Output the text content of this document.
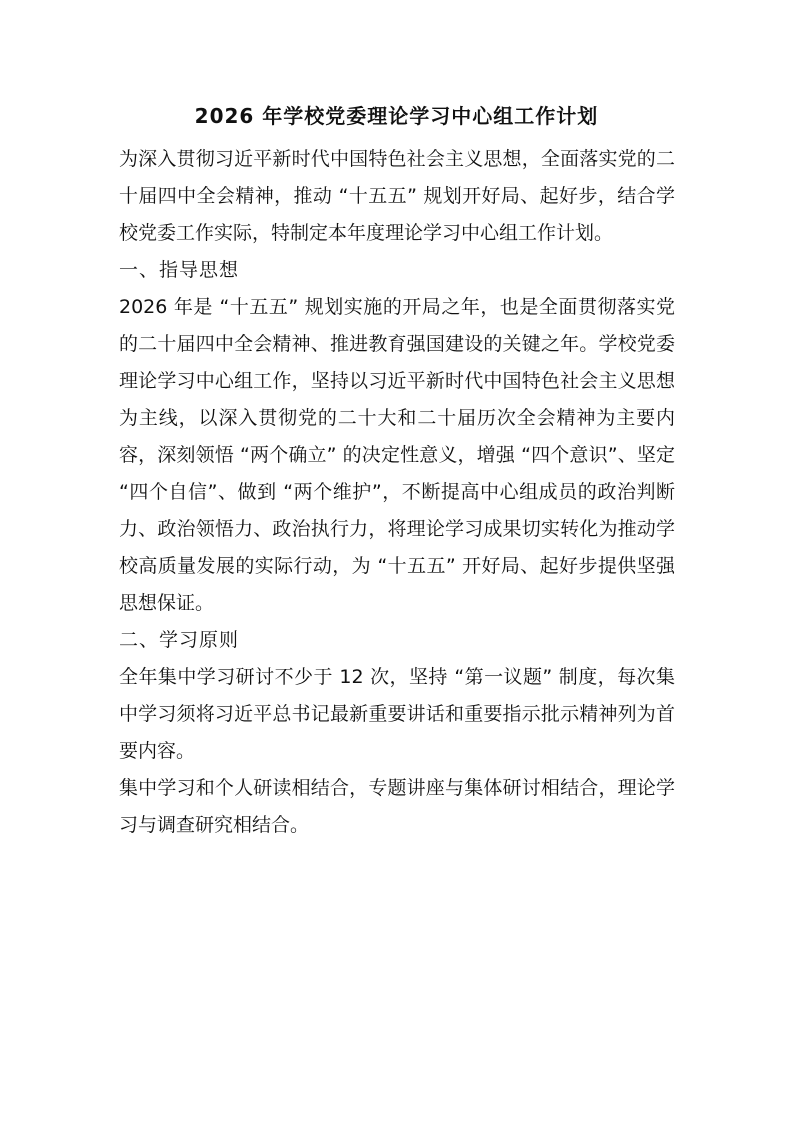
2026 年学校党委理论学习中心组工作计划

为深入贯彻习近平新时代中国特色社会主义思想，全面落实党的二十届四中全会精神，推动 “十五五” 规划开好局、起好步，结合学校党委工作实际，特制定本年度理论学习中心组工作计划。

一、指导思想

2026 年是 “十五五” 规划实施的开局之年，也是全面贯彻落实党的二十届四中全会精神、推进教育强国建设的关键之年。学校党委理论学习中心组工作，坚持以习近平新时代中国特色社会主义思想为主线，以深入贯彻党的二十大和二十届历次全会精神为主要内容，深刻领悟 “两个确立” 的决定性意义，增强 “四个意识”、坚定 “四个自信”、做到 “两个维护”，不断提高中心组成员的政治判断力、政治领悟力、政治执行力，将理论学习成果切实转化为推动学校高质量发展的实际行动，为 “十五五” 开好局、起好步提供坚强思想保证。

二、学习原则

全年集中学习研讨不少于 12 次，坚持 “第一议题” 制度，每次集中学习须将习近平总书记最新重要讲话和重要指示批示精神列为首要内容。

集中学习和个人研读相结合，专题讲座与集体研讨相结合，理论学习与调查研究相结合。
